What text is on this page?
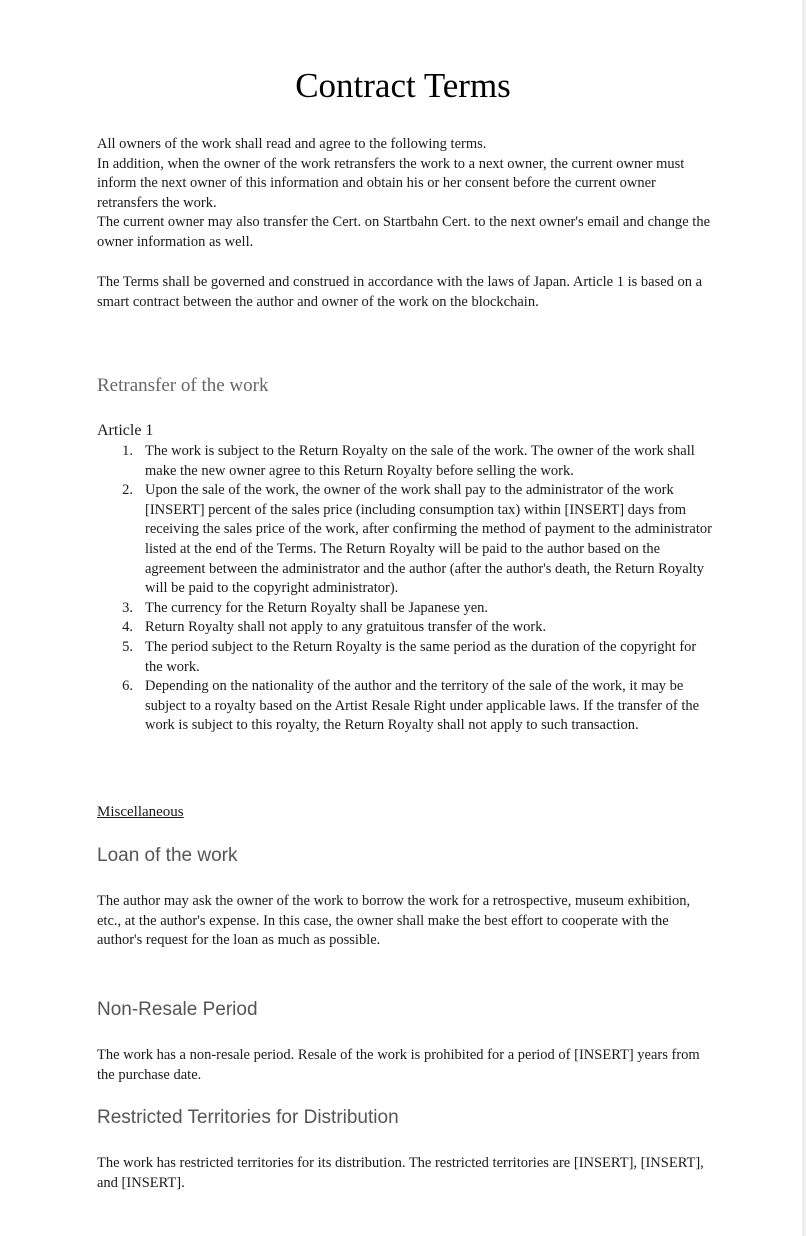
Contract Terms

All owners of the work shall read and agree to the following terms.

In addition, when the owner of the work retransfers the work to a next owner, the current owner must inform the next owner of this information and obtain his or her consent before the current owner retransfers the work.

The current owner may also transfer the Cert. on Startbahn Cert. to the next owner's email and change the owner information as well.

The Terms shall be governed and construed in accordance with the laws of Japan. Article 1 is based on a smart contract between the author and owner of the work on the blockchain.

Retransfer of the work
Article 1
1. The work is subject to the Return Royalty on the sale of the work. The owner of the work shall make the new owner agree to this Return Royalty before selling the work.
2. Upon the sale of the work, the owner of the work shall pay to the administrator of the work [INSERT] percent of the sales price (including consumption tax) within [INSERT] days from receiving the sales price of the work, after confirming the method of payment to the administrator listed at the end of the Terms. The Return Royalty will be paid to the author based on the agreement between the administrator and the author (after the author's death, the Return Royalty will be paid to the copyright administrator).
3. The currency for the Return Royalty shall be Japanese yen.
4. Return Royalty shall not apply to any gratuitous transfer of the work.
5. The period subject to the Return Royalty is the same period as the duration of the copyright for the work.
6. Depending on the nationality of the author and the territory of the sale of the work, it may be subject to a royalty based on the Artist Resale Right under applicable laws. If the transfer of the work is subject to this royalty, the Return Royalty shall not apply to such transaction.
Miscellaneous
Loan of the work

The author may ask the owner of the work to borrow the work for a retrospective, museum exhibition, etc., at the author's expense. In this case, the owner shall make the best effort to cooperate with the author's request for the loan as much as possible.

Non-Resale Period

The work has a non-resale period. Resale of the work is prohibited for a period of [INSERT] years from the purchase date.

Restricted Territories for Distribution

The work has restricted territories for its distribution. The restricted territories are [INSERT], [INSERT], and [INSERT].
